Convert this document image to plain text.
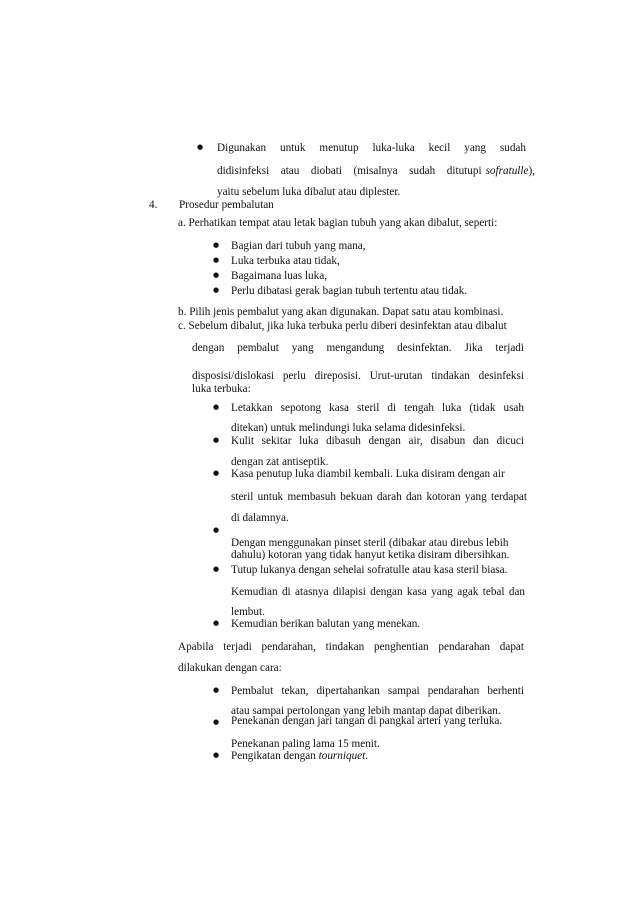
●
Digunakan untuk menutup luka-luka kecil yang sudah
didisinfeksi atau diobati (misalnya sudah ditutupi sofratulle),
yaitu sebelum luka dibalut atau diplester.
4. Prosedur pembalutan
a. Perhatikan tempat atau letak bagian tubuh yang akan dibalut, seperti:
●
Bagian dari tubuh yang mana,
●
Luka terbuka atau tidak,
●
Bagaimana luas luka,
●
Perlu dibatasi gerak bagian tubuh tertentu atau tidak.
b. Pilih jenis pembalut yang akan digunakan. Dapat satu atau kombinasi.
c. Sebelum dibalut, jika luka terbuka perlu diberi desinfektan atau dibalut
dengan pembalut yang mengandung desinfektan. Jika terjadi
disposisi/dislokasi perlu direposisi. Urut-urutan tindakan desinfeksi
luka terbuka:
●
Letakkan sepotong kasa steril di tengah luka (tidak usah
ditekan) untuk melindungi luka selama didesinfeksi.
●
Kulit sekitar luka dibasuh dengan air, disabun dan dicuci
dengan zat antiseptik.
●
Kasa penutup luka diambil kembali. Luka disiram dengan air
steril untuk membasuh bekuan darah dan kotoran yang terdapat
di dalamnya.
●
Dengan menggunakan pinset steril (dibakar atau direbus lebih
dahulu) kotoran yang tidak hanyut ketika disiram dibersihkan.
●
Tutup lukanya dengan sehelai sofratulle atau kasa steril biasa.
Kemudian di atasnya dilapisi dengan kasa yang agak tebal dan
lembut.
●
Kemudian berikan balutan yang menekan.
Apabila terjadi pendarahan, tindakan penghentian pendarahan dapat
dilakukan dengan cara:
●
Pembalut tekan, dipertahankan sampai pendarahan berhenti
atau sampai pertolongan yang lebih mantap dapat diberikan.
●
Penekanan dengan jari tangan di pangkal arteri yang terluka.
Penekanan paling lama 15 menit.
●
Pengikatan dengan tourniquet.
